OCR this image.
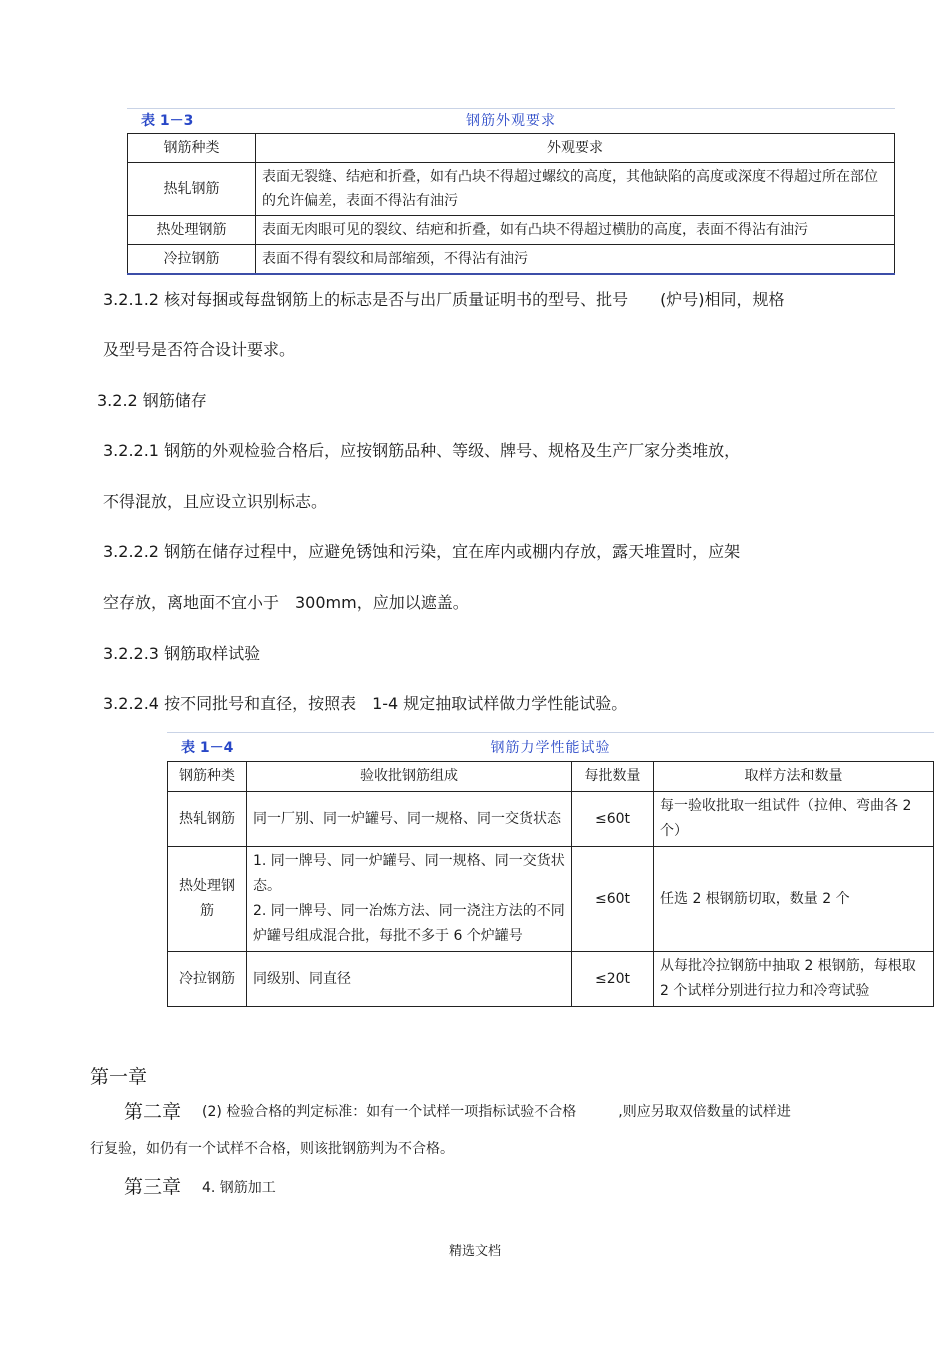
表 1－3	钢筋外观要求
钢筋种类	外观要求
热轧钢筋	表面无裂缝、结疤和折叠，如有凸块不得超过螺纹的高度，其他缺陷的高度或深度不得超过所在部位的允许偏差，表面不得沾有油污
热处理钢筋	表面无肉眼可见的裂纹、结疤和折叠，如有凸块不得超过横肋的高度，表面不得沾有油污
冷拉钢筋	表面不得有裂纹和局部缩颈，不得沾有油污
3.2.1.2 核对每捆或每盘钢筋上的标志是否与出厂质量证明书的型号、批号　　(炉号)相同，规格
及型号是否符合设计要求。
3.2.2 钢筋储存
3.2.2.1 钢筋的外观检验合格后，应按钢筋品种、等级、牌号、规格及生产厂家分类堆放，
不得混放，且应设立识别标志。
3.2.2.2 钢筋在储存过程中，应避免锈蚀和污染，宜在库内或棚内存放，露天堆置时，应架
空存放，离地面不宜小于　300mm，应加以遮盖。
3.2.2.3 钢筋取样试验
3.2.2.4 按不同批号和直径，按照表　1-4 规定抽取试样做力学性能试验。
表 1－4	钢筋力学性能试验
钢筋种类	验收批钢筋组成	每批数量	取样方法和数量
热轧钢筋	同一厂别、同一炉罐号、同一规格、同一交货状态	≤60t	每一验收批取一组试件（拉伸、弯曲各 2 个）
热处理钢筋	1. 同一牌号、同一炉罐号、同一规格、同一交货状态。
2. 同一牌号、同一冶炼方法、同一浇注方法的不同炉罐号组成混合批，每批不多于 6 个炉罐号	≤60t	任选 2 根钢筋切取，数量 2 个
冷拉钢筋	同级别、同直径	≤20t	从每批冷拉钢筋中抽取 2 根钢筋，每根取 2 个试样分别进行拉力和冷弯试验
第一章
第二章 (2) 检验合格的判定标准：如有一个试样一项指标试验不合格　　　,则应另取双倍数量的试样进
行复验，如仍有一个试样不合格，则该批钢筋判为不合格。
第三章 4. 钢筋加工
精选文档
